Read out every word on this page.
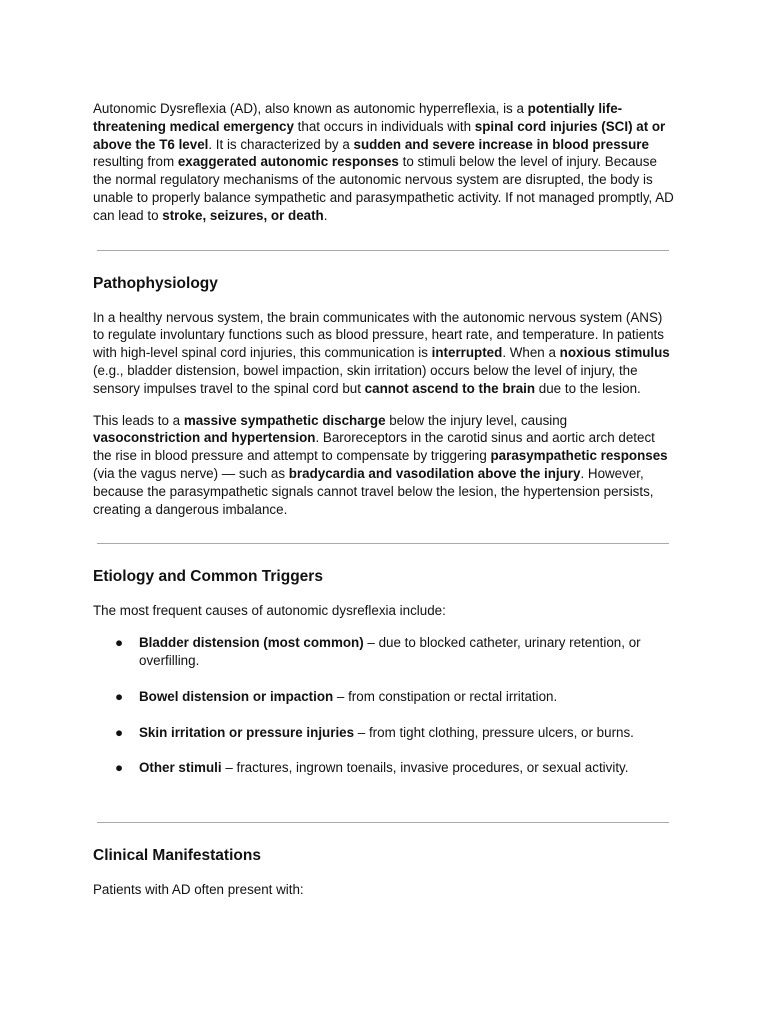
Autonomic Dysreflexia (AD), also known as autonomic hyperreflexia, is a potentially life-threatening medical emergency that occurs in individuals with spinal cord injuries (SCI) at or above the T6 level. It is characterized by a sudden and severe increase in blood pressure resulting from exaggerated autonomic responses to stimuli below the level of injury. Because the normal regulatory mechanisms of the autonomic nervous system are disrupted, the body is unable to properly balance sympathetic and parasympathetic activity. If not managed promptly, AD can lead to stroke, seizures, or death.

Pathophysiology

In a healthy nervous system, the brain communicates with the autonomic nervous system (ANS) to regulate involuntary functions such as blood pressure, heart rate, and temperature. In patients with high-level spinal cord injuries, this communication is interrupted. When a noxious stimulus (e.g., bladder distension, bowel impaction, skin irritation) occurs below the level of injury, the sensory impulses travel to the spinal cord but cannot ascend to the brain due to the lesion.

This leads to a massive sympathetic discharge below the injury level, causing vasoconstriction and hypertension. Baroreceptors in the carotid sinus and aortic arch detect the rise in blood pressure and attempt to compensate by triggering parasympathetic responses (via the vagus nerve) — such as bradycardia and vasodilation above the injury. However, because the parasympathetic signals cannot travel below the lesion, the hypertension persists, creating a dangerous imbalance.

Etiology and Common Triggers

The most frequent causes of autonomic dysreflexia include:

● Bladder distension (most common) – due to blocked catheter, urinary retention, or overfilling.
● Bowel distension or impaction – from constipation or rectal irritation.
● Skin irritation or pressure injuries – from tight clothing, pressure ulcers, or burns.
● Other stimuli – fractures, ingrown toenails, invasive procedures, or sexual activity.
Clinical Manifestations

Patients with AD often present with:
